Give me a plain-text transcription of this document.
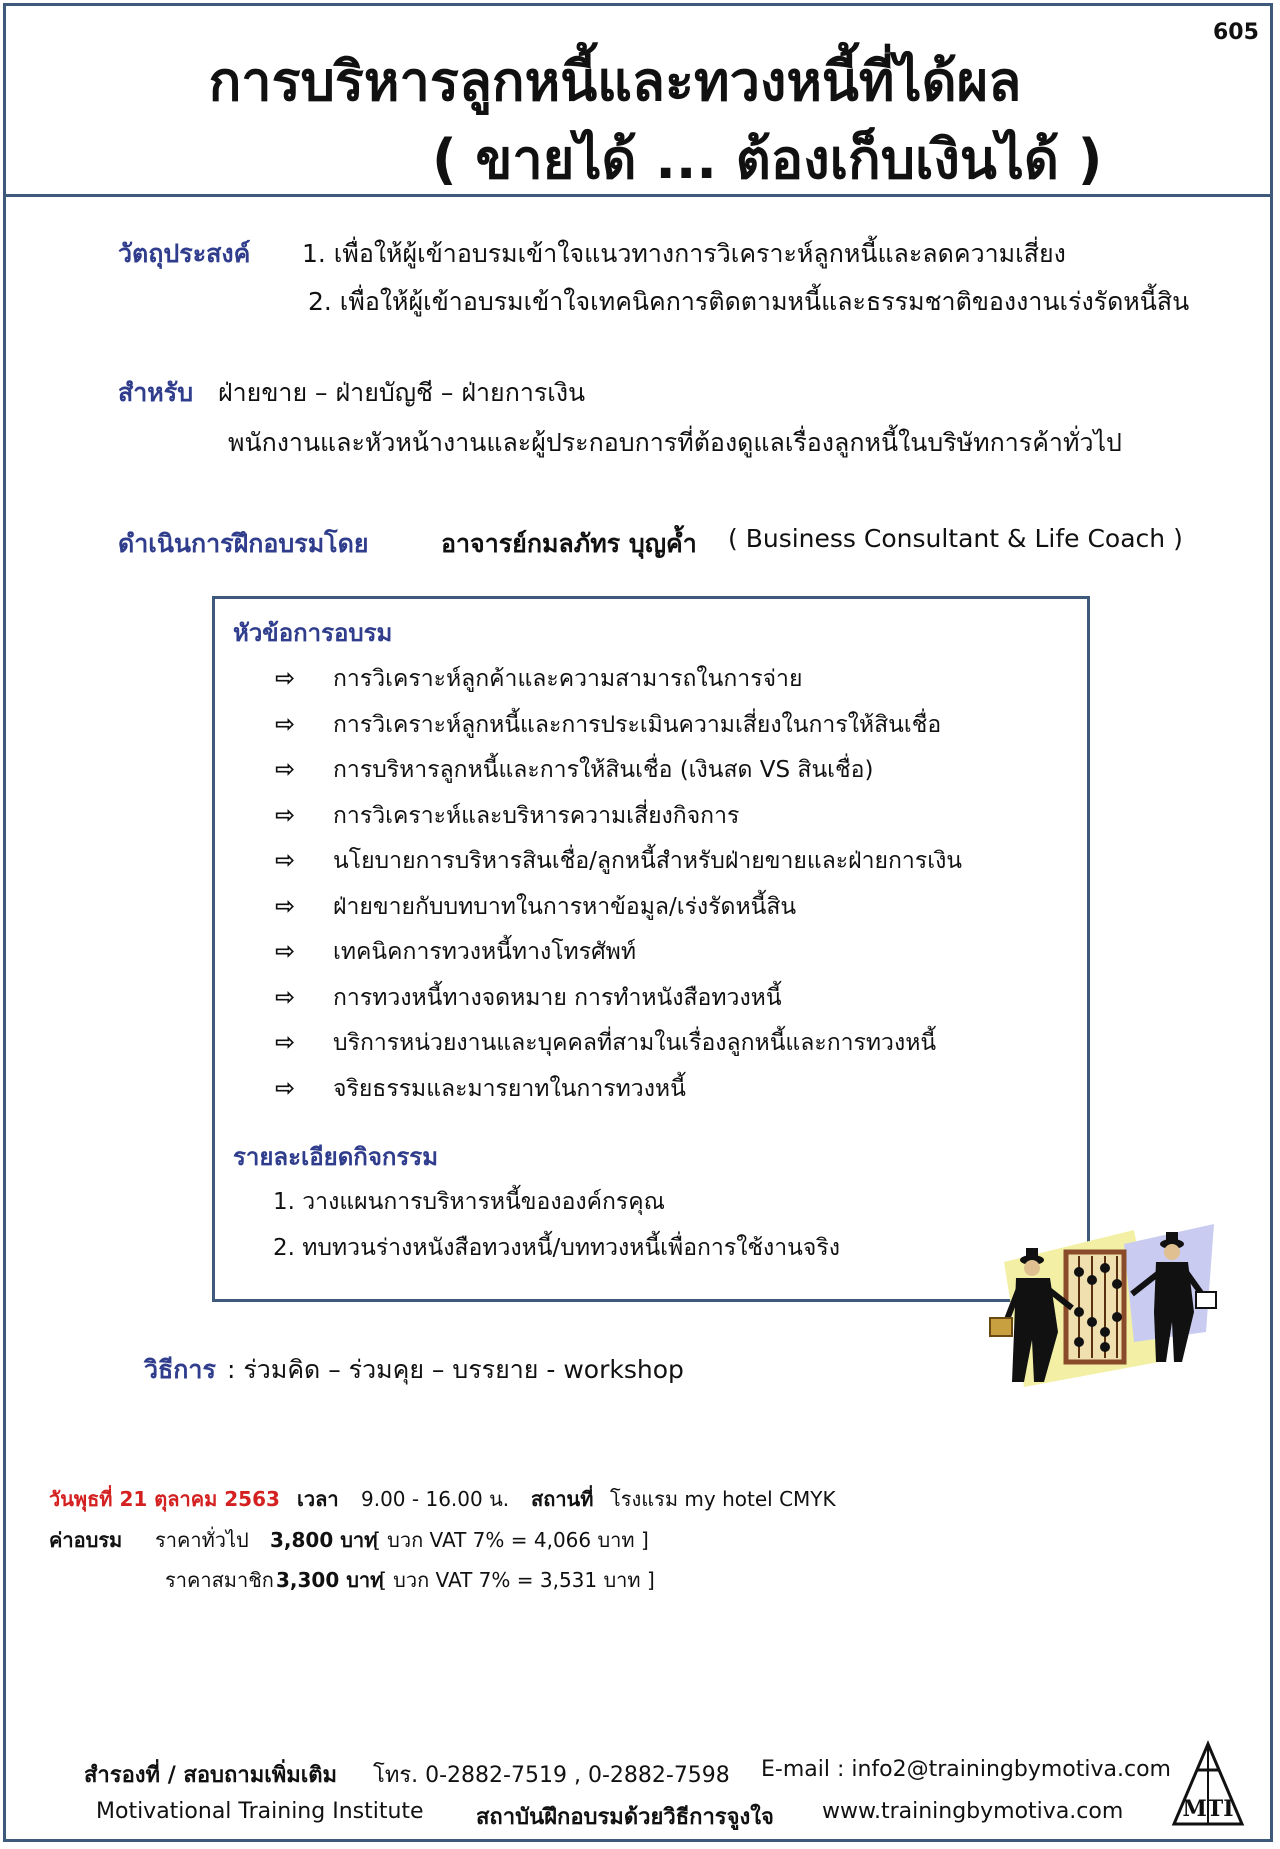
605
การบริหารลูกหนี้และทวงหนี้ที่ได้ผล
( ขายได้ ... ต้องเก็บเงินได้ )
วัตถุประสงค์ 1. เพื่อให้ผู้เข้าอบรมเข้าใจแนวทางการวิเคราะห์ลูกหนี้และลดความเสี่ยง
2. เพื่อให้ผู้เข้าอบรมเข้าใจเทคนิคการติดตามหนี้และธรรมชาติของงานเร่งรัดหนี้สิน
สำหรับ ฝ่ายขาย – ฝ่ายบัญชี – ฝ่ายการเงิน
พนักงานและหัวหน้างานและผู้ประกอบการที่ต้องดูแลเรื่องลูกหนี้ในบริษัทการค้าทั่วไป
ดำเนินการฝึกอบรมโดย	อาจารย์กมลภัทร บุญค้ำ ( Business Consultant & Life Coach )
หัวข้อการอบรม
⇨ การวิเคราะห์ลูกค้าและความสามารถในการจ่าย
⇨ การวิเคราะห์ลูกหนี้และการประเมินความเสี่ยงในการให้สินเชื่อ
⇨ การบริหารลูกหนี้และการให้สินเชื่อ (เงินสด VS สินเชื่อ)
⇨ การวิเคราะห์และบริหารความเสี่ยงกิจการ
⇨ นโยบายการบริหารสินเชื่อ/ลูกหนี้สำหรับฝ่ายขายและฝ่ายการเงิน
⇨ ฝ่ายขายกับบทบาทในการหาข้อมูล/เร่งรัดหนี้สิน
⇨ เทคนิคการทวงหนี้ทางโทรศัพท์
⇨ การทวงหนี้ทางจดหมาย การทำหนังสือทวงหนี้
⇨ บริการหน่วยงานและบุคคลที่สามในเรื่องลูกหนี้และการทวงหนี้
⇨ จริยธรรมและมารยาทในการทวงหนี้
รายละเอียดกิจกรรม
1. วางแผนการบริหารหนี้ขององค์กรคุณ
2. ทบทวนร่างหนังสือทวงหนี้/บททวงหนี้เพื่อการใช้งานจริง
วิธีการ : ร่วมคิด – ร่วมคุย – บรรยาย - workshop
วันพุธที่ 21 ตุลาคม 2563 เวลา 9.00 - 16.00 น. สถานที่ โรงแรม my hotel CMYK
ค่าอบรม ราคาทั่วไป 3,800 บาท
[ บวก VAT 7% = 4,066 บาท ]
ราคาสมาชิก 3,300 บาท
[ บวก VAT 7% = 3,531 บาท ]
สำรองที่ / สอบถามเพิ่มเติม โทร. 0-2882-7519 , 0-2882-7598 E-mail : info2@trainingbymotiva.com
Motivational Training Institute สถาบันฝึกอบรมด้วยวิธีการจูงใจ www.trainingbymotiva.com	MTI
